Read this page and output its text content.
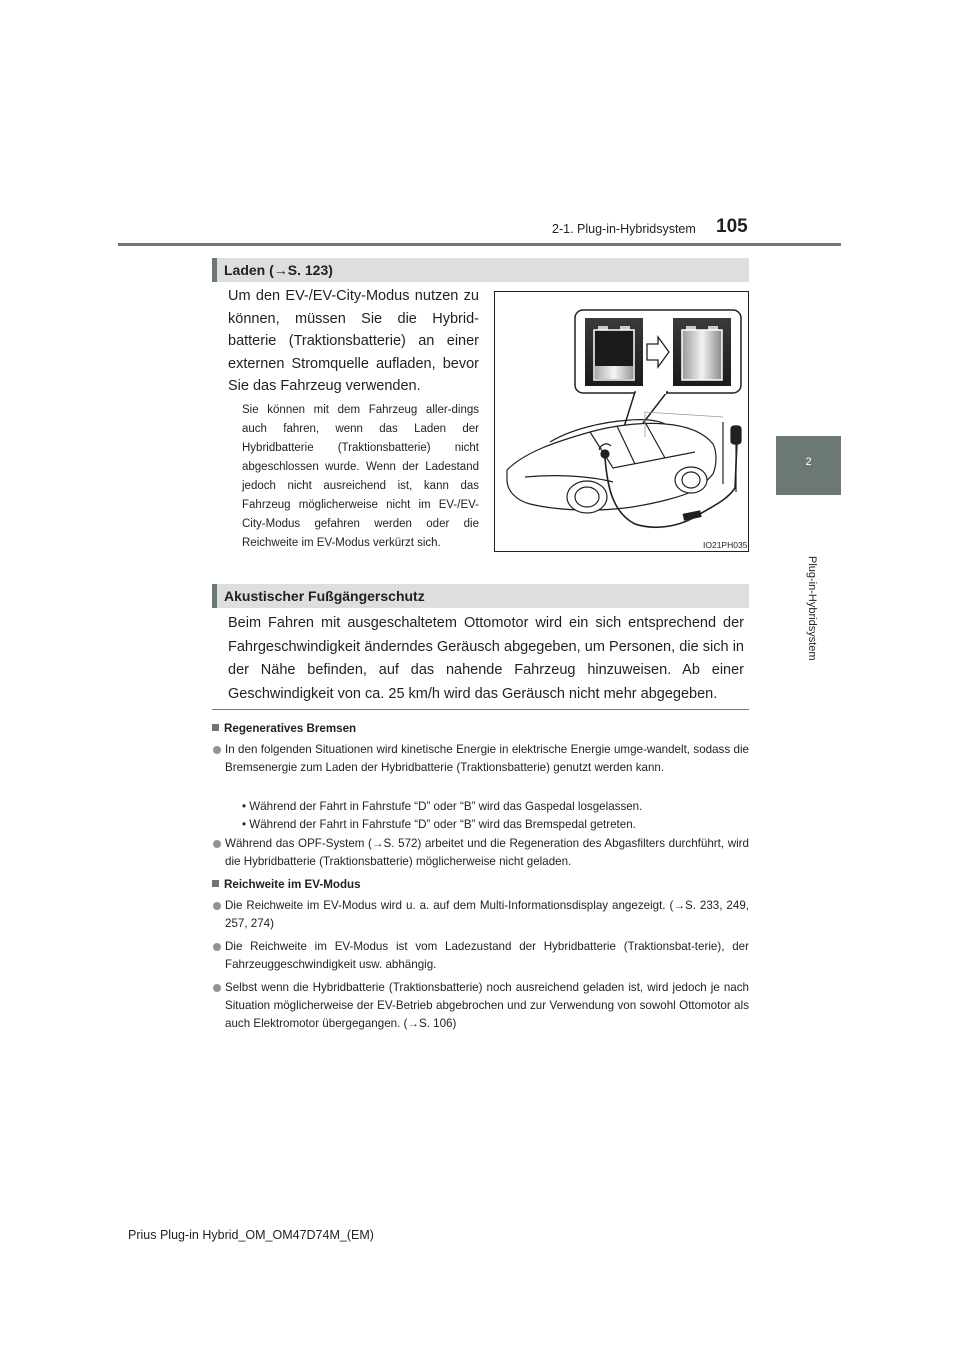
2-1. Plug-in-Hybridsystem 105
2
Plug-in-Hybridsystem
Laden (→S. 123)
Um den EV-/EV-City-Modus nutzen zu können, müssen Sie die Hybrid-batterie (Traktionsbatterie) an einer externen Stromquelle aufladen, bevor Sie das Fahrzeug verwenden.
Sie können mit dem Fahrzeug aller-dings auch fahren, wenn das Laden der Hybridbatterie (Traktionsbatterie) nicht abgeschlossen wurde. Wenn der Ladestand jedoch nicht ausreichend ist, kann das Fahrzeug möglicherweise nicht im EV-/EV-City-Modus gefahren werden oder die Reichweite im EV-Modus verkürzt sich.	IO21PH035
Akustischer Fußgängerschutz
Beim Fahren mit ausgeschaltetem Ottomotor wird ein sich entsprechend der Fahrgeschwindigkeit änderndes Geräusch abgegeben, um Personen, die sich in der Nähe befinden, auf das nahende Fahrzeug hinzuweisen. Ab einer Geschwindigkeit von ca. 25 km/h wird das Geräusch nicht mehr abgegeben.
Regeneratives Bremsen
In den folgenden Situationen wird kinetische Energie in elektrische Energie umge-wandelt, sodass die Bremsenergie zum Laden der Hybridbatterie (Traktionsbatterie) genutzt werden kann.
• Während der Fahrt in Fahrstufe “D” oder “B” wird das Gaspedal losgelassen.
• Während der Fahrt in Fahrstufe “D” oder “B” wird das Bremspedal getreten.
Während das OPF-System (→S. 572) arbeitet und die Regeneration des Abgasfilters durchführt, wird die Hybridbatterie (Traktionsbatterie) möglicherweise nicht geladen.
Reichweite im EV-Modus
Die Reichweite im EV-Modus wird u. a. auf dem Multi-Informationsdisplay angezeigt. (→S. 233, 249, 257, 274)
Die Reichweite im EV-Modus ist vom Ladezustand der Hybridbatterie (Traktionsbat-terie), der Fahrzeuggeschwindigkeit usw. abhängig.
Selbst wenn die Hybridbatterie (Traktionsbatterie) noch ausreichend geladen ist, wird jedoch je nach Situation möglicherweise der EV-Betrieb abgebrochen und zur Verwendung von sowohl Ottomotor als auch Elektromotor übergegangen. (→S. 106)
Prius Plug-in Hybrid_OM_OM47D74M_(EM)
